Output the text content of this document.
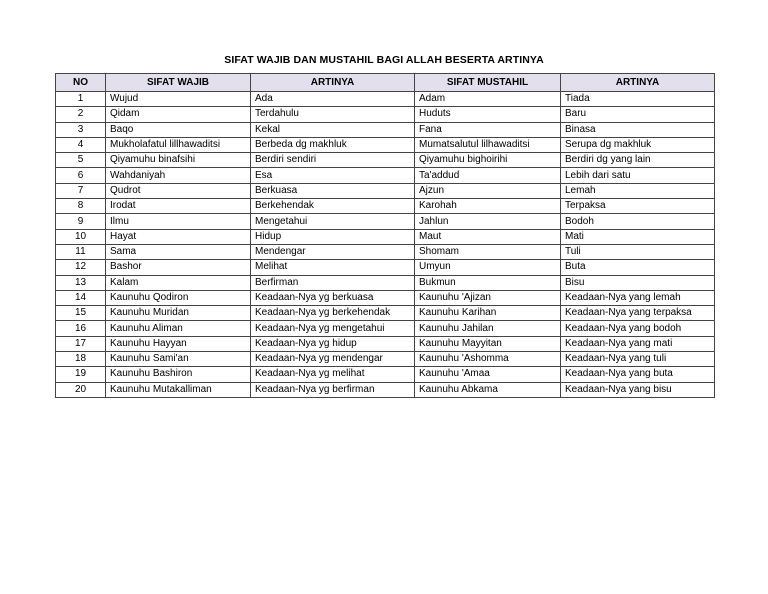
SIFAT WAJIB DAN MUSTAHIL BAGI ALLAH BESERTA ARTINYA
NO	SIFAT WAJIB	ARTINYA	SIFAT MUSTAHIL	ARTINYA
1	Wujud	Ada	Adam	Tiada
2	Qidam	Terdahulu	Huduts	Baru
3	Baqo	Kekal	Fana	Binasa
4	Mukholafatul lillhawaditsi	Berbeda dg makhluk	Mumatsalutul lilhawaditsi	Serupa dg makhluk
5	Qiyamuhu binafsihi	Berdiri sendiri	Qiyamuhu bighoirihi	Berdiri dg yang lain
6	Wahdaniyah	Esa	Ta'addud	Lebih dari satu
7	Qudrot	Berkuasa	Ajzun	Lemah
8	Irodat	Berkehendak	Karohah	Terpaksa
9	Ilmu	Mengetahui	Jahlun	Bodoh
10	Hayat	Hidup	Maut	Mati
11	Sama	Mendengar	Shomam	Tuli
12	Bashor	Melihat	Umyun	Buta
13	Kalam	Berfirman	Bukmun	Bisu
14	Kaunuhu Qodiron	Keadaan-Nya yg berkuasa	Kaunuhu 'Ajizan	Keadaan-Nya yang lemah
15	Kaunuhu Muridan	Keadaan-Nya yg berkehendak	Kaunuhu Karihan	Keadaan-Nya yang terpaksa
16	Kaunuhu Aliman	Keadaan-Nya yg mengetahui	Kaunuhu Jahilan	Keadaan-Nya yang bodoh
17	Kaunuhu Hayyan	Keadaan-Nya yg hidup	Kaunuhu Mayyitan	Keadaan-Nya yang mati
18	Kaunuhu Sami'an	Keadaan-Nya yg mendengar	Kaunuhu 'Ashomma	Keadaan-Nya yang tuli
19	Kaunuhu Bashiron	Keadaan-Nya yg melihat	Kaunuhu 'Amaa	Keadaan-Nya yang buta
20	Kaunuhu Mutakalliman	Keadaan-Nya yg berfirman	Kaunuhu Abkama	Keadaan-Nya yang bisu
